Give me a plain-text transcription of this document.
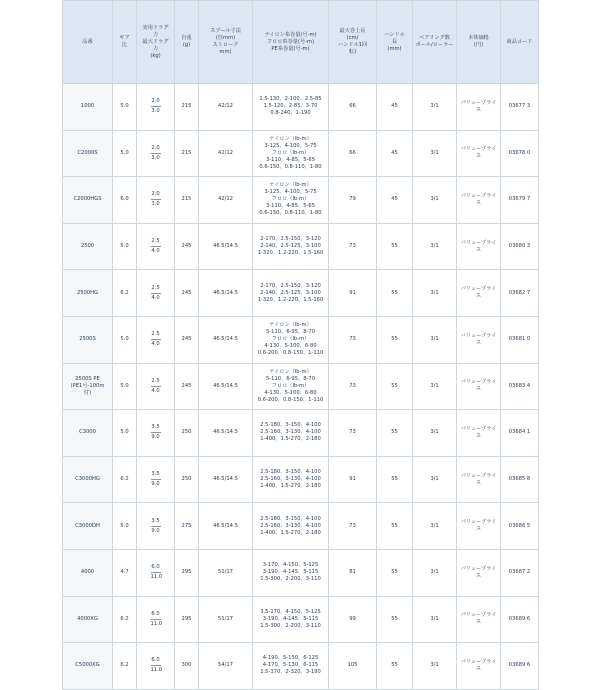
品番	ギア
比	実用ドラグ
力
最大ドラグ
力
(kg)	自重
(g)	スプール寸法
(径mm)
ストローク
mm)	ナイロン糸巻量(号-m)
フロロ糸巻量(号-m)
PE糸巻量(号-m)	最大巻上長
(cm/
ハンドル1回
転)	ハンドル
長
(mm)	ベアリング数
ボール/ローラー	本体価格
(円)	商品コード

1000	5.0	2.0
3.0	215	42/12	1.5-130、2-100、2.5-85
1.5-120、2-85、3-70
0.8-240、1-190	66	45	3/1	バリュープライ
ス	03677 3

C2000S	5.0	2.0
3.0	215	42/12	ナイロン（lb-m）
3-125、4-100、5-75
フロロ（lb-m）
3-110、4-85、5-65
0.6-150、0.8-110、1-80	66	45	3/1	バリュープライ
ス	03678 0

C2000HGS	6.0	2.0
3.0	215	42/12	ナイロン（lb-m）
3-125、4-100、5-75
フロロ（lb-m）
3-110、4-85、5-65
0.6-150、0.8-110、1-80	79	45	3/1	バリュープライ
ス	03679 7

2500	5.0	2.5
4.0	245	46.5/14.5	2-170、2.5-150、3-120
2-140、2.5-125、3-100
1-320、1.2-220、1.5-160	73	55	3/1	バリュープライ
ス	03680 3

2500HG	6.2	2.5
4.0	245	46.5/14.5	2-170、2.5-150、3-120
2-140、2.5-125、3-100
1-320、1.2-220、1.5-160	91	55	3/1	バリュープライ
ス	03682 7

2500S	5.0	2.5
4.0	245	46.5/14.5	ナイロン（lb-m）
5-110、6-95、8-70
フロロ（lb-m）
4-130、5-100、6-80
0.6-200、0.8-150、1-110	73	55	3/1	バリュープライ
ス	03681 0

2500S PE
(PE1号-100m
付)	5.0	2.5
4.0	245	46.5/14.5	ナイロン（lb-m）
5-110、6-95、8-70
フロロ（lb-m）
4-130、5-100、6-80
0.6-200、0.8-150、1-110	73	55	3/1	バリュープライ
ス	03683 4

C3000	5.0	3.5
9.0	250	46.5/14.5	2.5-180、3-150、4-100
2.5-160、3-130、4-100
1-400、1.5-270、2-180	73	55	3/1	バリュープライ
ス	03684 1

C3000HG	6.2	3.5
9.0	250	46.5/14.5	2.5-180、3-150、4-100
2.5-160、3-130、4-100
1-400、1.5-270、2-180	91	55	3/1	バリュープライ
ス	03685 8

C3000DH	5.0	3.5
9.0	275	46.5/14.5	2.5-180、3-150、4-100
2.5-160、3-130、4-100
1-400、1.5-270、2-180	73	55	3/1	バリュープライ
ス	03686 5

4000	4.7	6.0
11.0	295	51/17	3-170、4-150、5-125
3-190、4-145、5-115
1.5-300、2-200、3-110	81	55	3/1	バリュープライ
ス	03687 2

4000XG	6.2	6.0
11.0	295	51/17	3.5-170、4-150、5-125
3-190、4-145、5-115
1.5-300、2-200、3-110	99	55	3/1	バリュープライ
ス	03689 6

C5000XG	6.2	6.0
11.0	300	54/17	4-190、5-150、6-125
4-170、5-130、6-115
1.5-370、2-320、3-190	105	55	3/1	バリュープライ
ス	03689 6
